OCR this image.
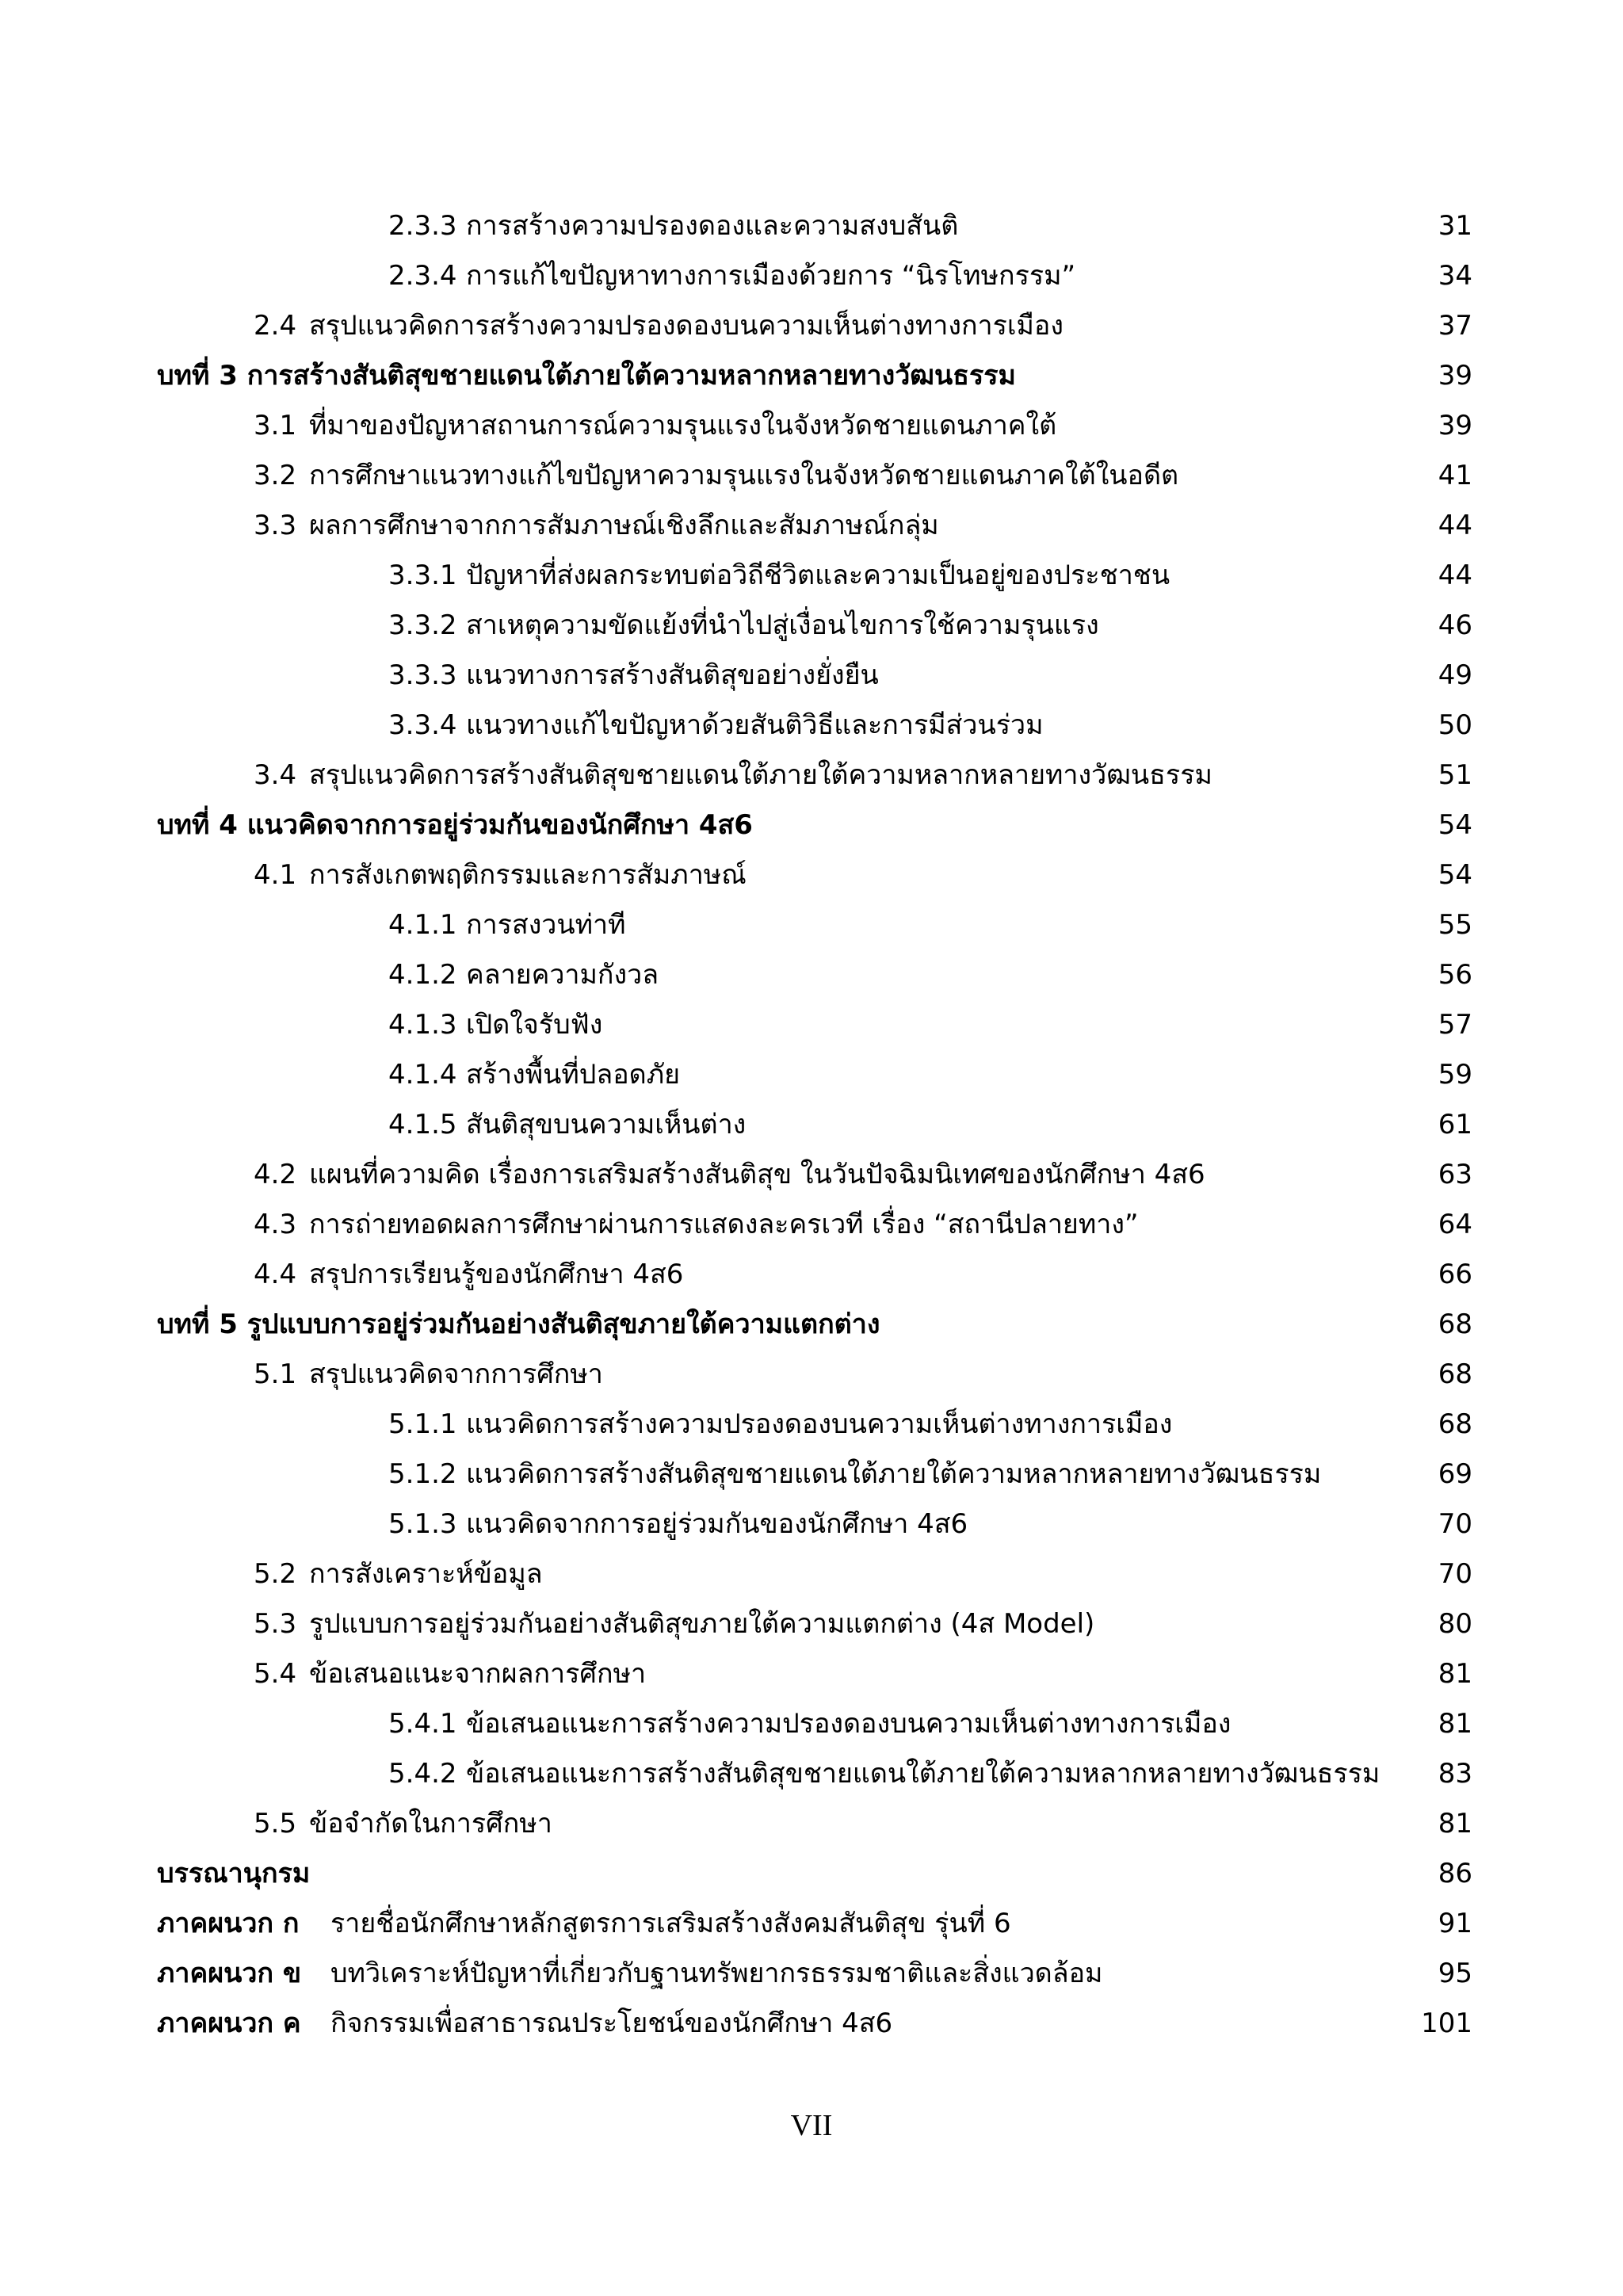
2.3.3 การสร้างความปรองดองและความสงบสันติ	31
2.3.4 การแก้ไขปัญหาทางการเมืองด้วยการ “นิรโทษกรรม”	34
2.4 สรุปแนวคิดการสร้างความปรองดองบนความเห็นต่างทางการเมือง	37
บทที่ 3 การสร้างสันติสุขชายแดนใต้ภายใต้ความหลากหลายทางวัฒนธรรม	39
3.1 ที่มาของปัญหาสถานการณ์ความรุนแรงในจังหวัดชายแดนภาคใต้	39
3.2 การศึกษาแนวทางแก้ไขปัญหาความรุนแรงในจังหวัดชายแดนภาคใต้ในอดีต	41
3.3 ผลการศึกษาจากการสัมภาษณ์เชิงลึกและสัมภาษณ์กลุ่ม	44
3.3.1 ปัญหาที่ส่งผลกระทบต่อวิถีชีวิตและความเป็นอยู่ของประชาชน	44
3.3.2 สาเหตุความขัดแย้งที่นำไปสู่เงื่อนไขการใช้ความรุนแรง	46
3.3.3 แนวทางการสร้างสันติสุขอย่างยั่งยืน	49
3.3.4 แนวทางแก้ไขปัญหาด้วยสันติวิธีและการมีส่วนร่วม	50
3.4 สรุปแนวคิดการสร้างสันติสุขชายแดนใต้ภายใต้ความหลากหลายทางวัฒนธรรม	51
บทที่ 4 แนวคิดจากการอยู่ร่วมกันของนักศึกษา 4ส6	54
4.1 การสังเกตพฤติกรรมและการสัมภาษณ์	54
4.1.1 การสงวนท่าที	55
4.1.2 คลายความกังวล	56
4.1.3 เปิดใจรับฟัง	57
4.1.4 สร้างพื้นที่ปลอดภัย	59
4.1.5 สันติสุขบนความเห็นต่าง	61
4.2 แผนที่ความคิด เรื่องการเสริมสร้างสันติสุข ในวันปัจฉิมนิเทศของนักศึกษา 4ส6	63
4.3 การถ่ายทอดผลการศึกษาผ่านการแสดงละครเวที เรื่อง “สถานีปลายทาง”	64
4.4 สรุปการเรียนรู้ของนักศึกษา 4ส6	66
บทที่ 5 รูปแบบการอยู่ร่วมกันอย่างสันติสุขภายใต้ความแตกต่าง	68
5.1 สรุปแนวคิดจากการศึกษา	68
5.1.1 แนวคิดการสร้างความปรองดองบนความเห็นต่างทางการเมือง	68
5.1.2 แนวคิดการสร้างสันติสุขชายแดนใต้ภายใต้ความหลากหลายทางวัฒนธรรม	69
5.1.3 แนวคิดจากการอยู่ร่วมกันของนักศึกษา 4ส6	70
5.2 การสังเคราะห์ข้อมูล	70
5.3 รูปแบบการอยู่ร่วมกันอย่างสันติสุขภายใต้ความแตกต่าง (4ส Model)	80
5.4 ข้อเสนอแนะจากผลการศึกษา	81
5.4.1 ข้อเสนอแนะการสร้างความปรองดองบนความเห็นต่างทางการเมือง	81
5.4.2 ข้อเสนอแนะการสร้างสันติสุขชายแดนใต้ภายใต้ความหลากหลายทางวัฒนธรรม 83
5.5 ข้อจำกัดในการศึกษา	81
บรรณานุกรม	86
ภาคผนวก ก รายชื่อนักศึกษาหลักสูตรการเสริมสร้างสังคมสันติสุข รุ่นที่ 6	91
ภาคผนวก ข บทวิเคราะห์ปัญหาที่เกี่ยวกับฐานทรัพยากรธรรมชาติและสิ่งแวดล้อม	95
ภาคผนวก ค กิจกรรมเพื่อสาธารณประโยชน์ของนักศึกษา 4ส6	101
VII
